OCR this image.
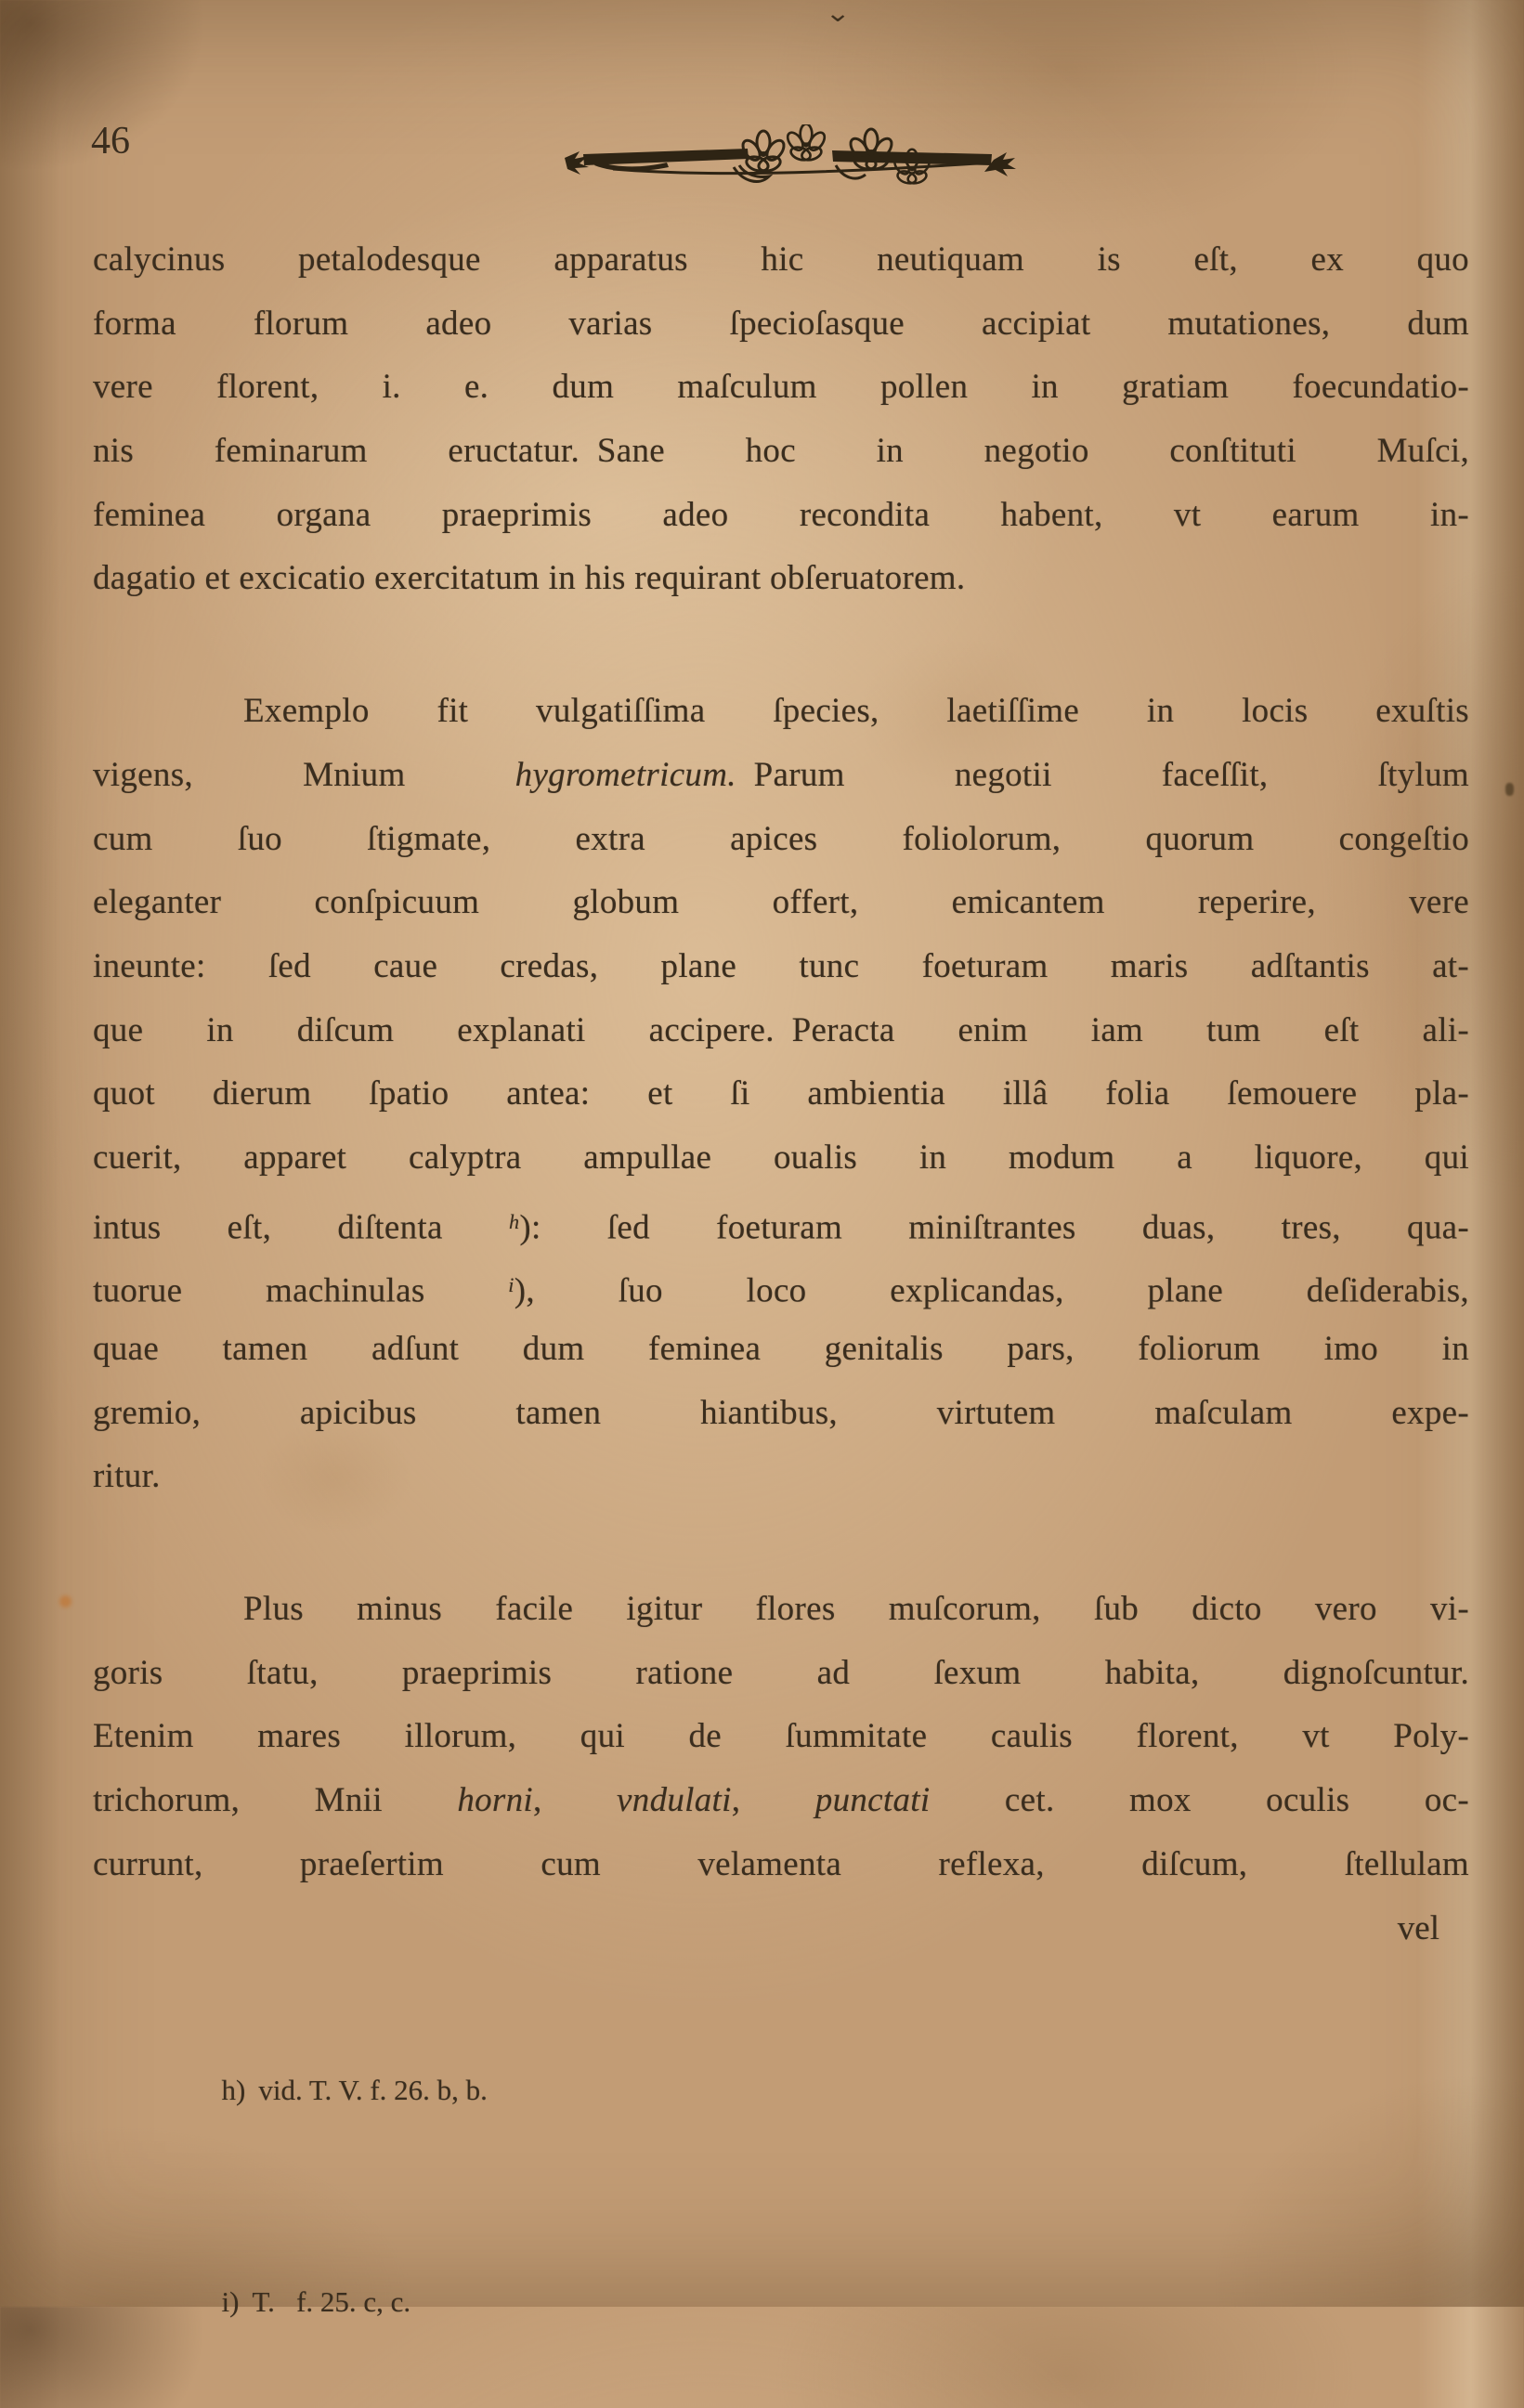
⌄
46
calycinus petalodesque apparatus hic neutiquam is eſt, ex quo
forma florum adeo varias ſpecioſasque accipiat mutationes, dum
vere florent, i. e. dum maſculum pollen in gratiam foecundatio-
nis feminarum eructatur. Sane hoc in negotio conſtituti Muſci,
feminea organa praeprimis adeo recondita habent, vt earum in-
dagatio et excicatio exercitatum in his requirant obſeruatorem.
Exemplo fit vulgatiſſima ſpecies, laetiſſime in locis exuſtis
vigens, Mnium hygrometricum. Parum negotii faceſſit, ſtylum
cum ſuo ſtigmate, extra apices foliolorum, quorum congeſtio
eleganter conſpicuum globum offert, emicantem reperire, vere
ineunte: ſed caue credas, plane tunc foeturam maris adſtantis at-
que in diſcum explanati accipere. Peracta enim iam tum eſt ali-
quot dierum ſpatio antea: et ſi ambientia illâ folia ſemouere pla-
cuerit, apparet calyptra ampullae oualis in modum a liquore, qui
intus eſt, diſtenta $^h$): ſed foeturam miniſtrantes duas, tres, qua-
tuorue machinulas $^i$), ſuo loco explicandas, plane deſiderabis,
quae tamen adſunt dum feminea genitalis pars, foliorum imo in
gremio, apicibus tamen hiantibus, virtutem maſculam expe-
ritur.
Plus minus facile igitur flores muſcorum, ſub dicto vero vi-
goris ſtatu, praeprimis ratione ad ſexum habita, dignoſcuntur.
Etenim mares illorum, qui de ſummitate caulis florent, vt Poly-
trichorum, Mnii horni, vndulati, punctati cet. mox oculis oc-
currunt, praeſertim cum velamenta reflexa, diſcum, ſtellulam
vel

h) vid. T. V. f. 26. b, b.

i) T.  f. 25. c, c.
